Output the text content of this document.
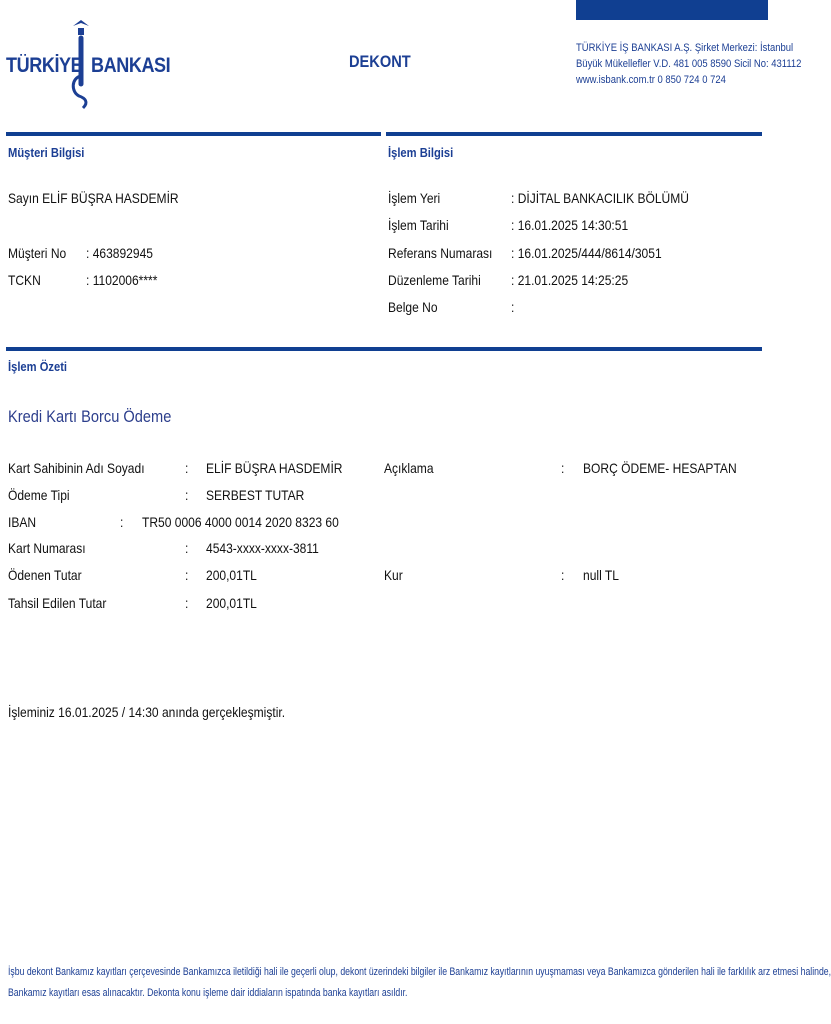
TÜRKİYE BANKASI	DEKONT
TÜRKİYE İŞ BANKASI A.Ş. Şirket Merkezi: İstanbul
Büyük Mükellefler V.D. 481 005 8590 Sicil No: 431112
www.isbank.com.tr 0 850 724 0 724
Müşteri Bilgisi
Sayın ELİF BÜŞRA HASDEMİR
Müşteri No : 463892945
TCKN	: 1102006****
İşlem Bilgisi
İşlem Yeri	: DİJİTAL BANKACILIK BÖLÜMÜ
İşlem Tarihi	: 16.01.2025 14:30:51
Referans Numarası : 16.01.2025/444/8614/3051
Düzenleme Tarihi : 21.01.2025 14:25:25
Belge No	:
İşlem Özeti
Kredi Kartı Borcu Ödeme
Kart Sahibinin Adı Soyadı	: ELİF BÜŞRA HASDEMİR
Ödeme Tipi	: SERBEST TUTAR
IBAN	: TR50 0006 4000 0014 2020 8323 60
Kart Numarası	: 4543-xxxx-xxxx-3811
Ödenen Tutar	: 200,01TL
Tahsil Edilen Tutar	: 200,01TL
Açıklama	: BORÇ ÖDEME- HESAPTAN
Kur	: null TL
İşleminiz 16.01.2025 / 14:30 anında gerçekleşmiştir.
İşbu dekont Bankamız kayıtları çerçevesinde Bankamızca iletildiği hali ile geçerli olup, dekont üzerindeki bilgiler ile Bankamız kayıtlarının uyuşmaması veya Bankamızca gönderilen hali ile farklılık arz etmesi halinde,
Bankamız kayıtları esas alınacaktır. Dekonta konu işleme dair iddiaların ispatında banka kayıtları asıldır.
